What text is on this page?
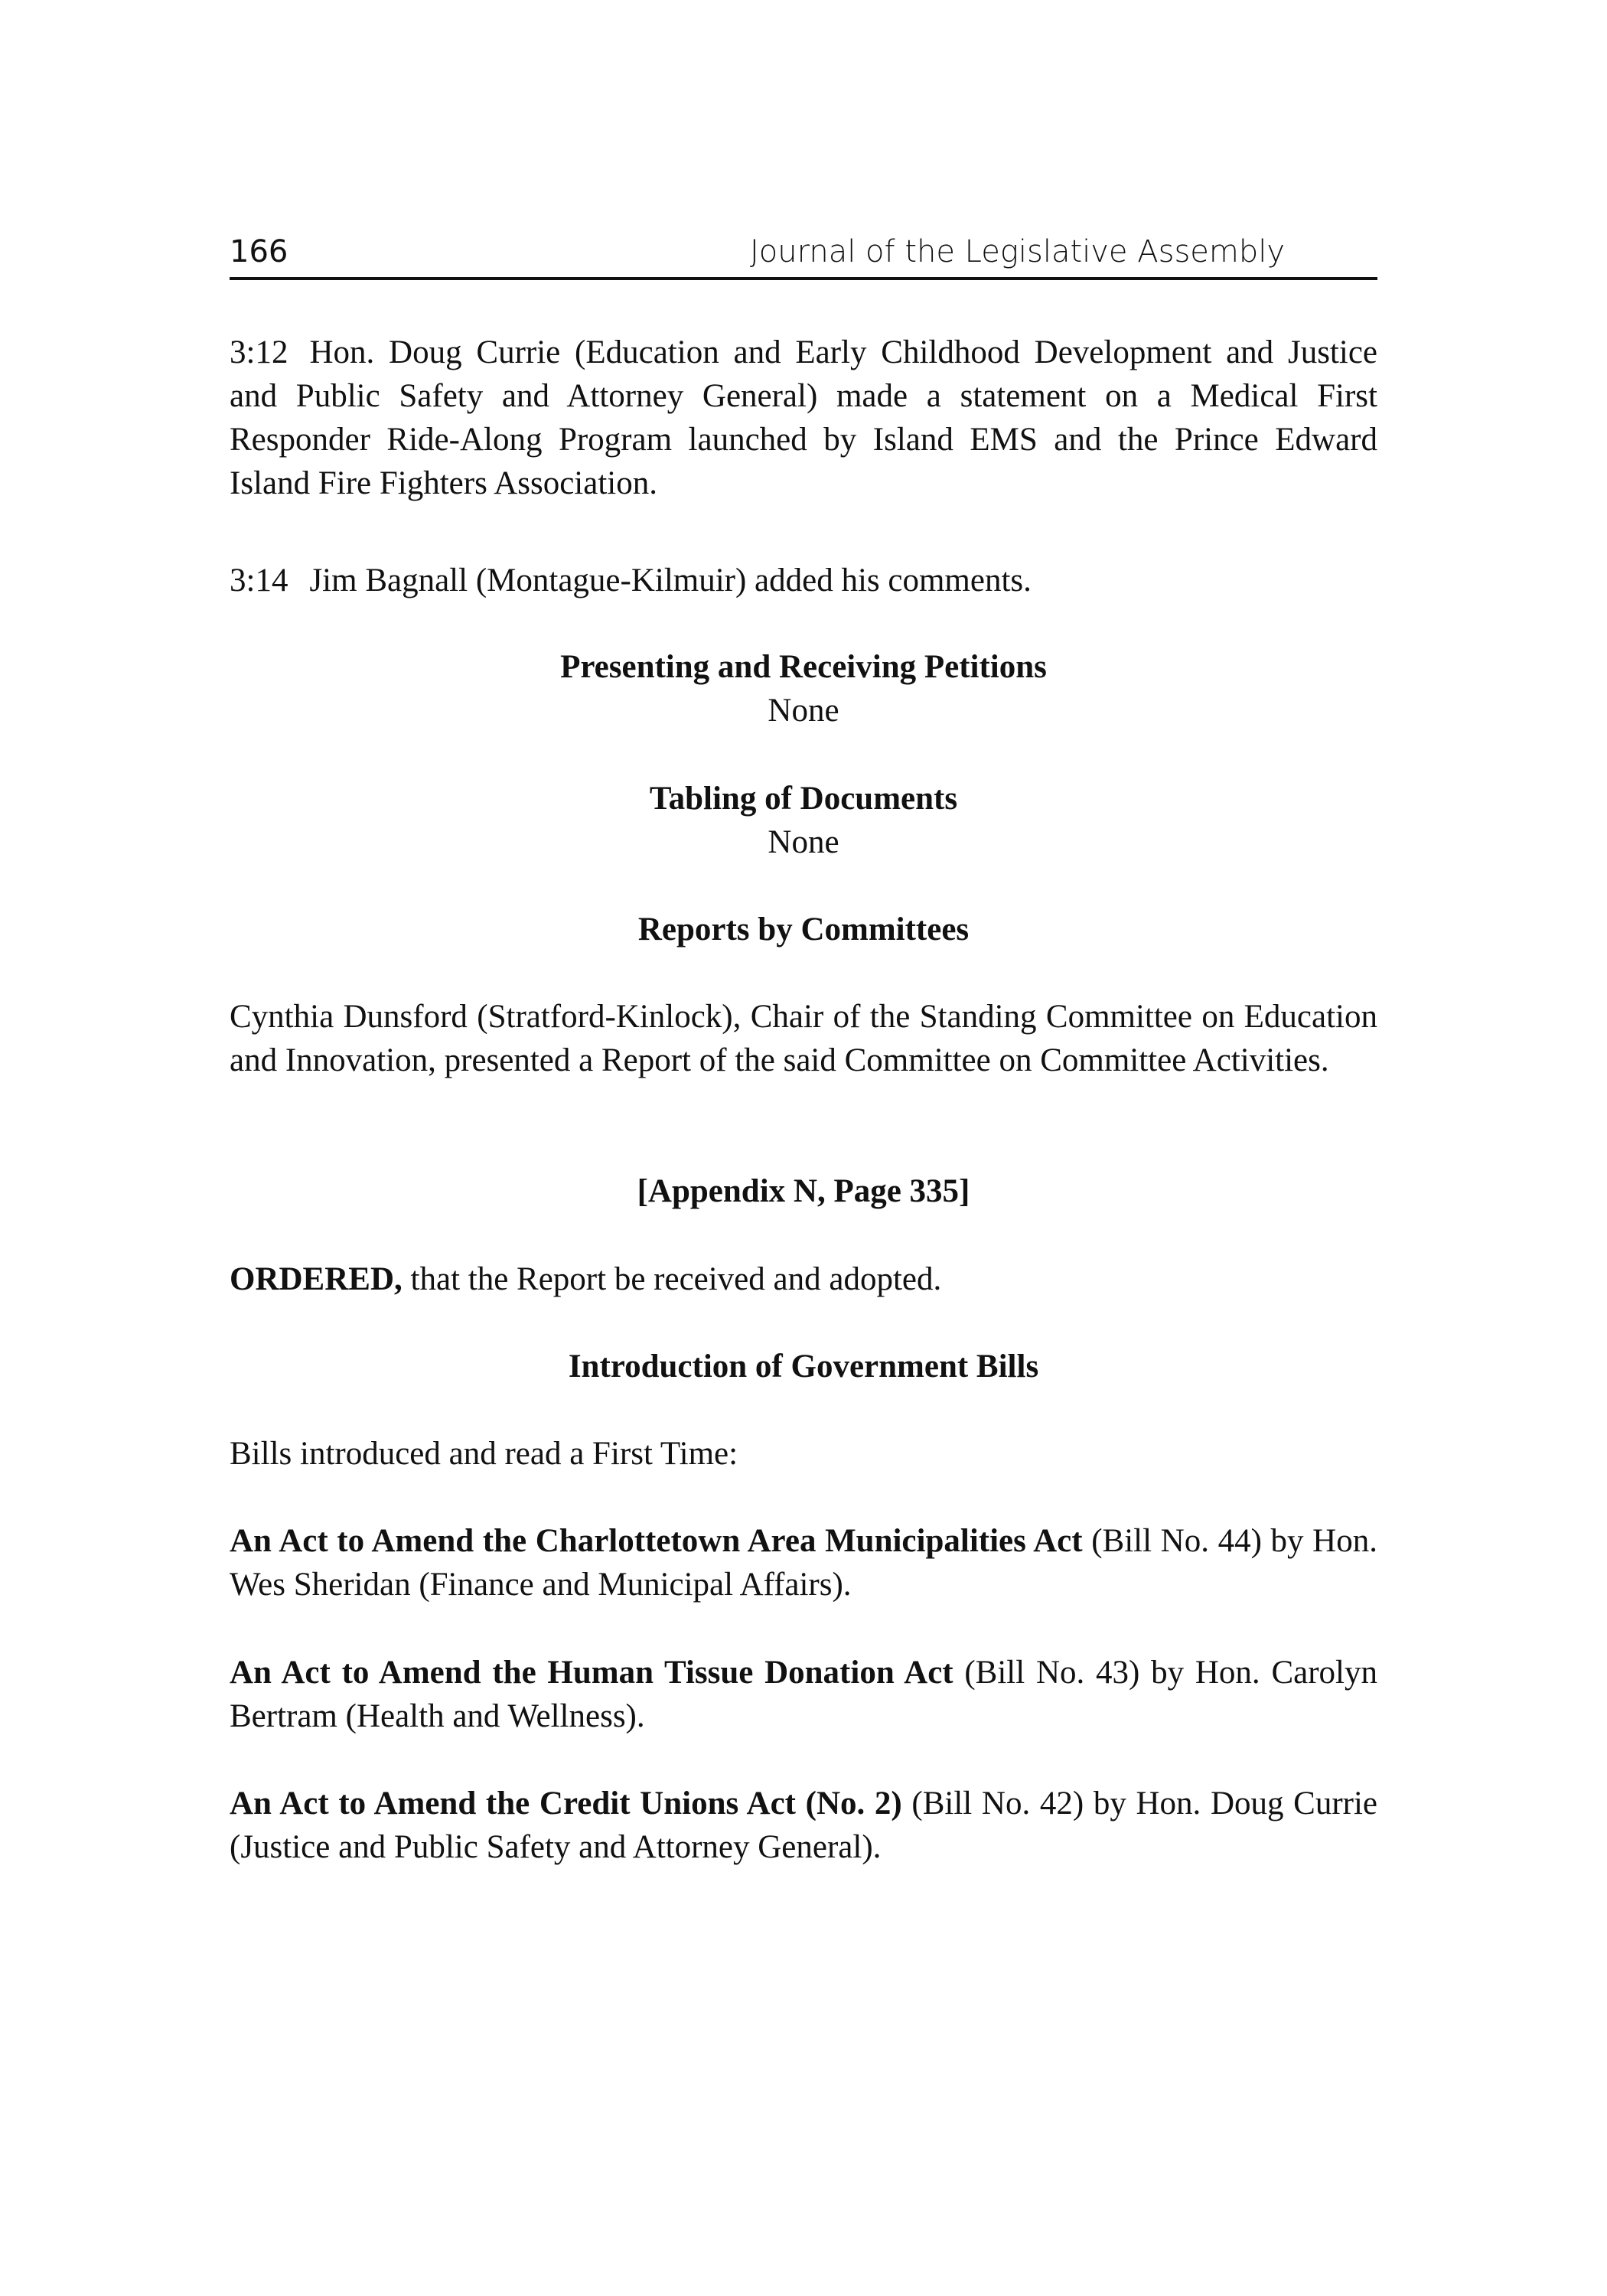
166	Journal of the Legislative Assembly

3:12 Hon. Doug Currie (Education and Early Childhood Development and Justice and Public Safety and Attorney General) made a statement on a Medical First Responder Ride-Along Program launched by Island EMS and the Prince Edward Island Fire Fighters Association.

3:14 Jim Bagnall (Montague-Kilmuir) added his comments.

Presenting and Receiving Petitions
None
Tabling of Documents
None
Reports by Committees

Cynthia Dunsford (Stratford-Kinlock), Chair of the Standing Committee on Education and Innovation, presented a Report of the said Committee on Committee Activities.

[Appendix N, Page 335]

ORDERED, that the Report be received and adopted.

Introduction of Government Bills

Bills introduced and read a First Time:

An Act to Amend the Charlottetown Area Municipalities Act (Bill No. 44) by Hon. Wes Sheridan (Finance and Municipal Affairs).

An Act to Amend the Human Tissue Donation Act (Bill No. 43) by Hon. Carolyn Bertram (Health and Wellness).

An Act to Amend the Credit Unions Act (No. 2) (Bill No. 42) by Hon. Doug Currie (Justice and Public Safety and Attorney General).
